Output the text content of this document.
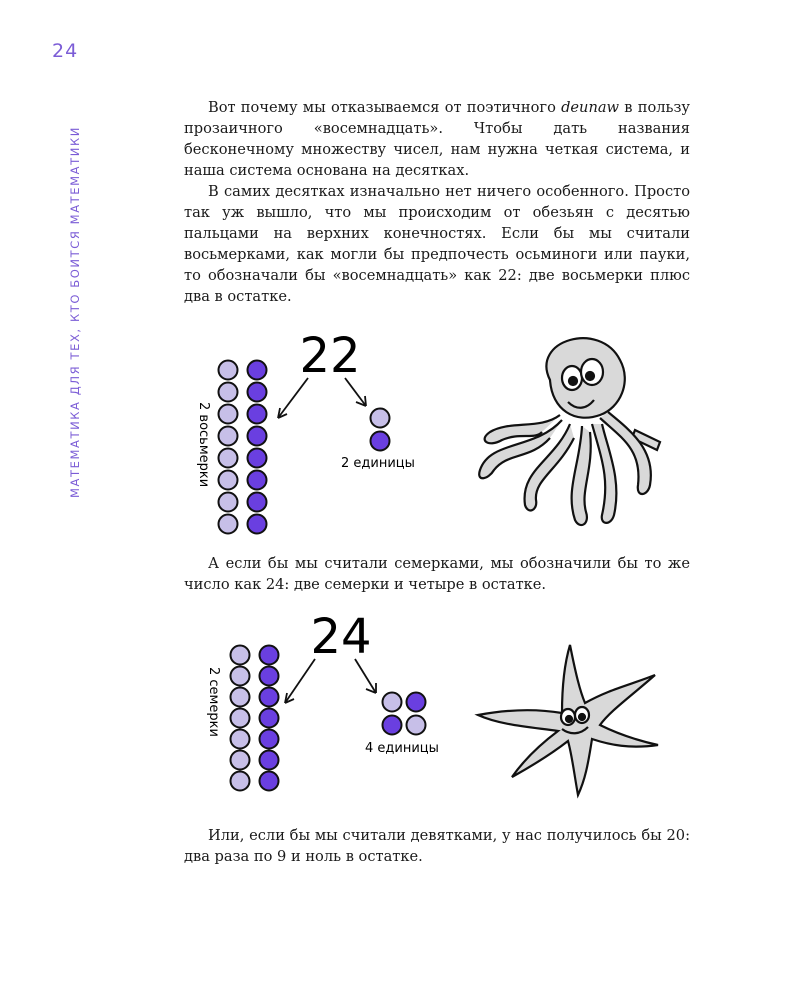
24
МАТЕМАТИКА ДЛЯ ТЕХ, КТО БОИТСЯ МАТЕМАТИКИ

Вот почему мы отказываемся от поэтичного deunaw в пользу прозаичного «восемнадцать». Чтобы дать названия бесконечному множеству чисел, нам нужна четкая система, и наша система основана на десятках.

В самих десятках изначально нет ничего особенного. Просто так уж вышло, что мы происходим от обезьян с десятью пальцами на верхних конечностях. Если бы мы считали восьмерками, как могли бы предпочесть осьминоги или пауки, то обозначали бы «восемнадцать» как 22: две восьмерки плюс два в остатке.

2 восьмерки
22
2 единицы

А если бы мы считали семерками, мы обозначили бы то же число как 24: две семерки и четыре в остатке.

2 семерки
24
4 единицы

Или, если бы мы считали девятками, у нас получилось бы 20: два раза по 9 и ноль в остатке.
